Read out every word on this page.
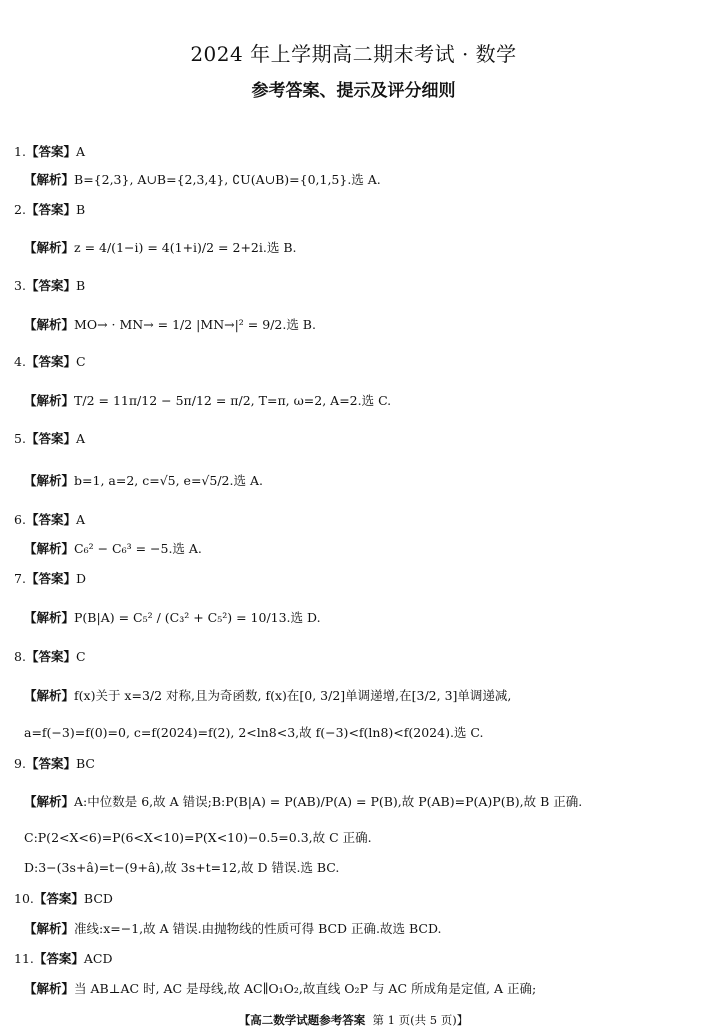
2024 年上学期高二期末考试 · 数学
参考答案、提示及评分细则
1.【答案】A
【解析】B={2,3}, A∪B={2,3,4}, ∁U(A∪B)={0,1,5}.选 A.
2.【答案】B
【解析】z = 4/(1−i) = 4(1+i)/2 = 2+2i.选 B.
3.【答案】B
【解析】MO→ · MN→ = 1/2 |MN→|² = 9/2.选 B.
4.【答案】C
【解析】T/2 = 11π/12 − 5π/12 = π/2, T=π, ω=2, A=2.选 C.
5.【答案】A
【解析】b=1, a=2, c=√5, e=√5/2.选 A.
6.【答案】A
【解析】C₆² − C₆³ = −5.选 A.
7.【答案】D
【解析】P(B|A) = C₅² / (C₃² + C₅²) = 10/13.选 D.
8.【答案】C
【解析】f(x)关于 x=3/2 对称,且为奇函数, f(x)在[0, 3/2]单调递增,在[3/2, 3]单调递减,
a=f(−3)=f(0)=0, c=f(2024)=f(2), 2<ln8<3,故 f(−3)<f(ln8)<f(2024).选 C.
9.【答案】BC
【解析】A:中位数是 6,故 A 错误;B:P(B|A) = P(AB)/P(A) = P(B),故 P(AB)=P(A)P(B),故 B 正确.
C:P(2<X<6)=P(6<X<10)=P(X<10)−0.5=0.3,故 C 正确.
D:3−(3s+â)=t−(9+â),故 3s+t=12,故 D 错误.选 BC.
10.【答案】BCD
【解析】准线:x=−1,故 A 错误.由抛物线的性质可得 BCD 正确.故选 BCD.
11.【答案】ACD
【解析】当 AB⊥AC 时, AC 是母线,故 AC∥O₁O₂,故直线 O₂P 与 AC 所成角是定值, A 正确;
【高二数学试题参考答案 第 1 页(共 5 页)】
